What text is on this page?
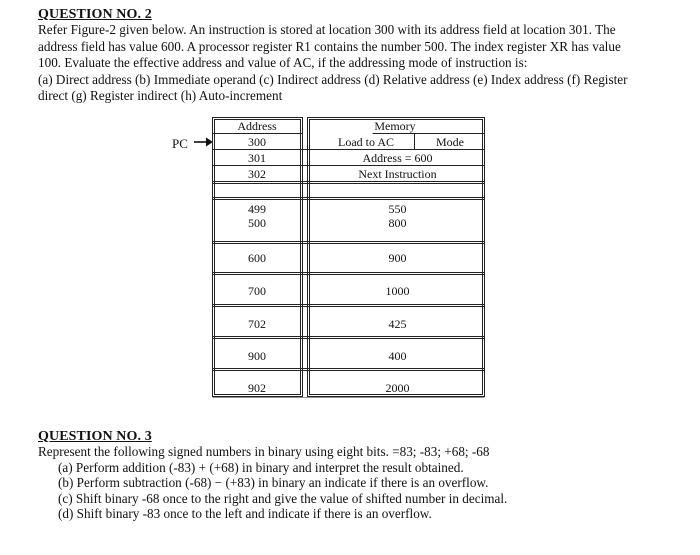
QUESTION NO. 2
Refer Figure-2 given below. An instruction is stored at location 300 with its address field at location 301. The
address field has value 600. A processor register R1 contains the number 500. The index register XR has value
100. Evaluate the effective address and value of AC, if the addressing mode of instruction is:
(a) Direct address (b) Immediate operand (c) Indirect address (d) Relative address (e) Index address (f) Register
direct (g) Register indirect (h) Auto-increment
PC
Address	Memory
300	Load to AC	Mode
301	Address = 600
302	Next Instruction
499	550
500	800
600	900
700	1000
702	425
900	400
902	2000
QUESTION NO. 3
Represent the following signed numbers in binary using eight bits. =83; -83; +68; -68
(a) Perform addition (-83) + (+68) in binary and interpret the result obtained.
(b) Perform subtraction (-68) − (+83) in binary an indicate if there is an overflow.
(c) Shift binary -68 once to the right and give the value of shifted number in decimal.
(d) Shift binary -83 once to the left and indicate if there is an overflow.
